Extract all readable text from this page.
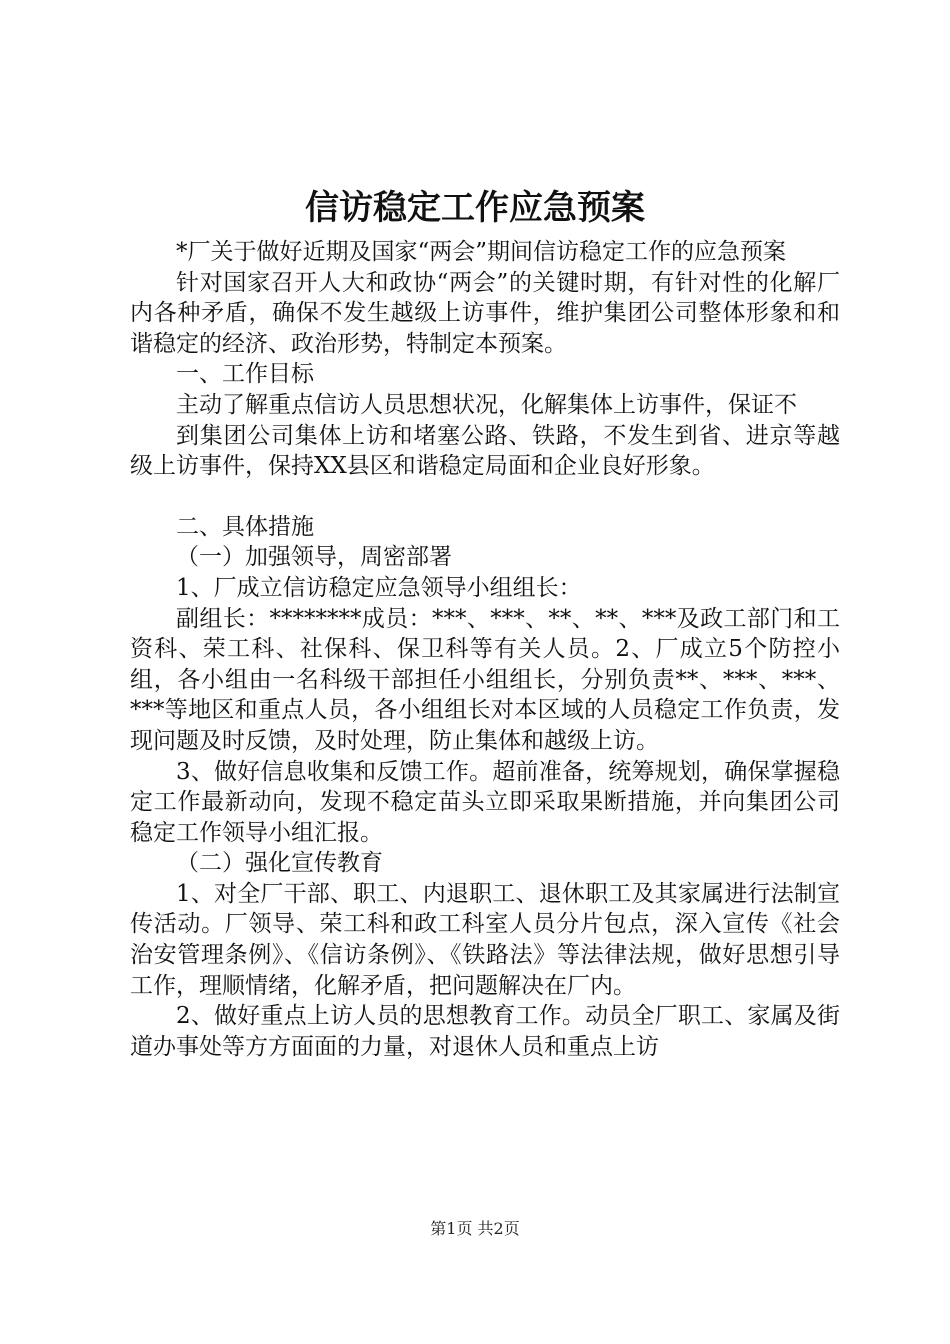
信访稳定工作应急预案

*厂关于做好近期及国家“两会”期间信访稳定工作的应急预案

针对国家召开人大和政协“两会”的关键时期，有针对性的化解厂内各种矛盾，确保不发生越级上访事件，维护集团公司整体形象和和谐稳定的经济、政治形势，特制定本预案。

一、工作目标

主动了解重点信访人员思想状况，化解集体上访事件，保证不

到集团公司集体上访和堵塞公路、铁路，不发生到省、进京等越级上访事件，保持XX县区和谐稳定局面和企业良好形象。

二、具体措施

（一）加强领导，周密部署

1、厂成立信访稳定应急领导小组组长：

副组长：********成员：***、***、**、**、***及政工部门和工资科、荣工科、社保科、保卫科等有关人员。2、厂成立5个防控小组，各小组由一名科级干部担任小组组长，分别负责**、***、***、***等地区和重点人员，各小组组长对本区域的人员稳定工作负责，发现问题及时反馈，及时处理，防止集体和越级上访。

3、做好信息收集和反馈工作。超前准备，统筹规划，确保掌握稳定工作最新动向，发现不稳定苗头立即采取果断措施，并向集团公司稳定工作领导小组汇报。

（二）强化宣传教育

1、对全厂干部、职工、内退职工、退休职工及其家属进行法制宣传活动。厂领导、荣工科和政工科室人员分片包点，深入宣传《社会治安管理条例》、《信访条例》、《铁路法》等法律法规，做好思想引导工作，理顺情绪，化解矛盾，把问题解决在厂内。

2、做好重点上访人员的思想教育工作。动员全厂职工、家属及街道办事处等方方面面的力量，对退休人员和重点上访

第1页 共2页
